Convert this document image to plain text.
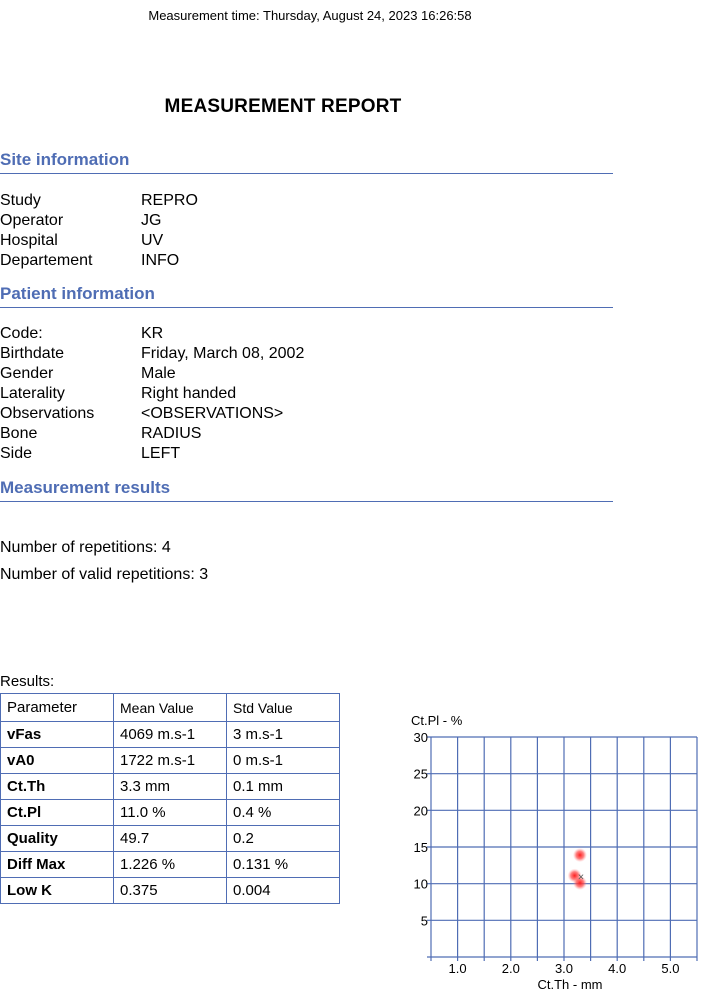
Measurement time: Thursday, August 24, 2023 16:26:58
MEASUREMENT REPORT
Site information
Study	REPRO
Operator	JG
Hospital	UV
Departement	INFO
Patient information
Code:	KR
Birthdate	Friday, March 08, 2002
Gender	Male
Laterality	Right handed
Observations	<OBSERVATIONS>
Bone	RADIUS
Side	LEFT
Measurement results
Number of repetitions: 4
Number of valid repetitions: 3
Results:
Parameter	Mean Value	Std Value
vFas	4069 m.s-1	3 m.s-1
vA0	1722 m.s-1	0 m.s-1
Ct.Th	3.3 mm	0.1 mm
Ct.Pl	11.0 %	0.4 %
Quality	49.7	0.2
Diff Max	1.226 %	0.131 %
Low K	0.375	0.004
Ct.Pl - %
Ct.Th - mm
5
10
15
20
25
30
1.0	2.0	3.0	4.0	5.0
×
